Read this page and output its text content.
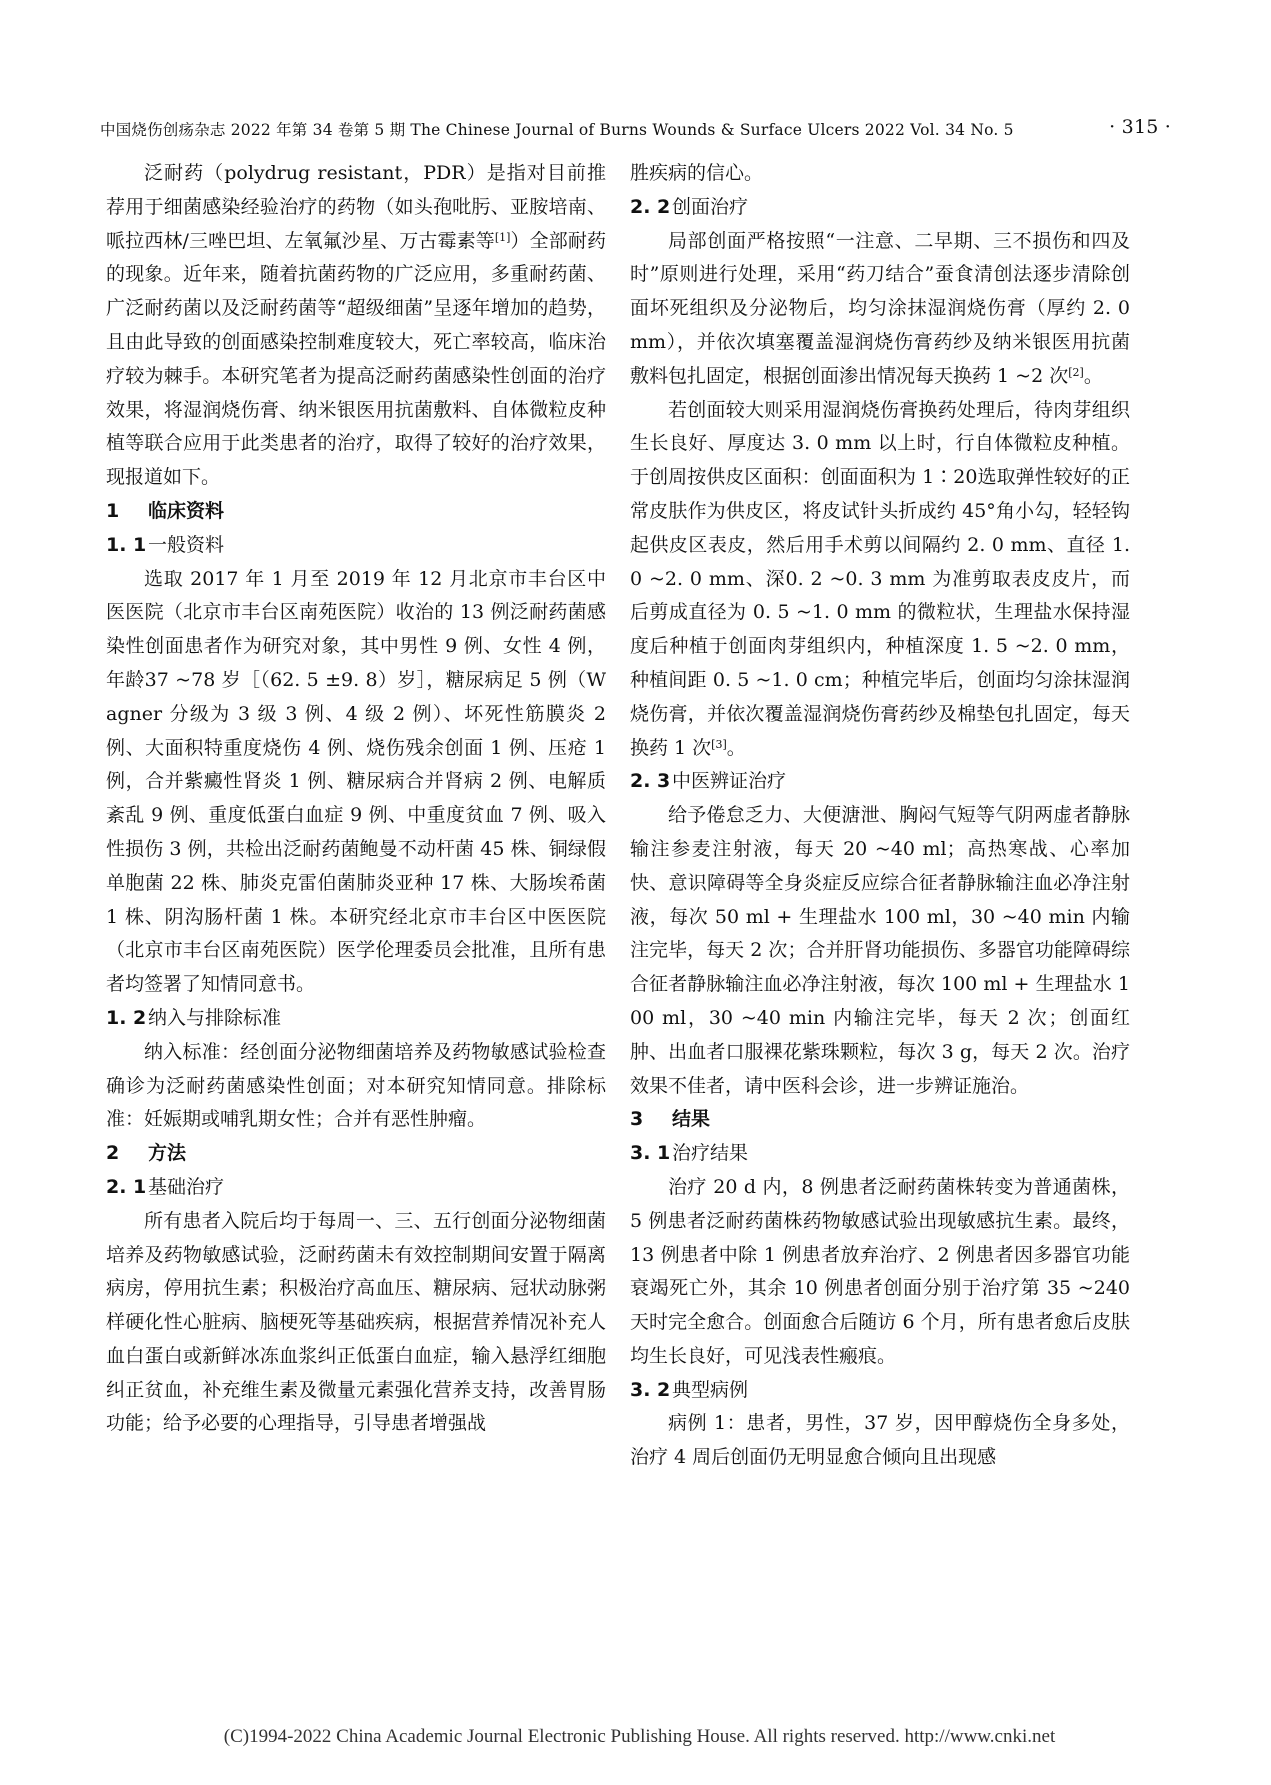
中国烧伤创疡杂志 2022 年第 34 卷第 5 期 The Chinese Journal of Burns Wounds & Surface Ulcers 2022 Vol. 34 No. 5	· 315 ·

泛耐药（polydrug resistant，PDR）是指对目前推荐用于细菌感染经验治疗的药物（如头孢吡肟、亚胺培南、哌拉西林/三唑巴坦、左氧氟沙星、万古霉素等[1]）全部耐药的现象。近年来，随着抗菌药物的广泛应用，多重耐药菌、广泛耐药菌以及泛耐药菌等“超级细菌”呈逐年增加的趋势，且由此导致的创面感染控制难度较大，死亡率较高，临床治疗较为棘手。本研究笔者为提高泛耐药菌感染性创面的治疗效果，将湿润烧伤膏、纳米银医用抗菌敷料、自体微粒皮种植等联合应用于此类患者的治疗，取得了较好的治疗效果，现报道如下。

1 临床资料
1. 1一般资料

选取 2017 年 1 月至 2019 年 12 月北京市丰台区中医医院（北京市丰台区南苑医院）收治的 13 例泛耐药菌感染性创面患者作为研究对象，其中男性 9 例、女性 4 例，年龄37 ~78 岁［（62. 5 ±9. 8）岁］，糖尿病足 5 例（Wagner 分级为 3 级 3 例、4 级 2 例）、坏死性筋膜炎 2 例、大面积特重度烧伤 4 例、烧伤残余创面 1 例、压疮 1 例，合并紫癜性肾炎 1 例、糖尿病合并肾病 2 例、电解质紊乱 9 例、重度低蛋白血症 9 例、中重度贫血 7 例、吸入性损伤 3 例，共检出泛耐药菌鲍曼不动杆菌 45 株、铜绿假单胞菌 22 株、肺炎克雷伯菌肺炎亚种 17 株、大肠埃希菌 1 株、阴沟肠杆菌 1 株。本研究经北京市丰台区中医医院（北京市丰台区南苑医院）医学伦理委员会批准，且所有患者均签署了知情同意书。

1. 2纳入与排除标准

纳入标准：经创面分泌物细菌培养及药物敏感试验检查确诊为泛耐药菌感染性创面；对本研究知情同意。排除标准：妊娠期或哺乳期女性；合并有恶性肿瘤。

2 方法
2. 1基础治疗

所有患者入院后均于每周一、三、五行创面分泌物细菌培养及药物敏感试验，泛耐药菌未有效控制期间安置于隔离病房，停用抗生素；积极治疗高血压、糖尿病、冠状动脉粥样硬化性心脏病、脑梗死等基础疾病，根据营养情况补充人血白蛋白或新鲜冰冻血浆纠正低蛋白血症，输入悬浮红细胞纠正贫血，补充维生素及微量元素强化营养支持，改善胃肠功能；给予必要的心理指导，引导患者增强战

胜疾病的信心。

2. 2创面治疗

局部创面严格按照“一注意、二早期、三不损伤和四及时”原则进行处理，采用“药刀结合”蚕食清创法逐步清除创面坏死组织及分泌物后，均匀涂抹湿润烧伤膏（厚约 2. 0 mm），并依次填塞覆盖湿润烧伤膏药纱及纳米银医用抗菌敷料包扎固定，根据创面渗出情况每天换药 1 ~2 次[2]。

若创面较大则采用湿润烧伤膏换药处理后，待肉芽组织生长良好、厚度达 3. 0 mm 以上时，行自体微粒皮种植。于创周按供皮区面积：创面面积为 1∶20选取弹性较好的正常皮肤作为供皮区，将皮试针头折成约 45°角小勾，轻轻钩起供皮区表皮，然后用手术剪以间隔约 2. 0 mm、直径 1. 0 ~2. 0 mm、深0. 2 ~0. 3 mm 为准剪取表皮皮片，而后剪成直径为 0. 5 ~1. 0 mm 的微粒状，生理盐水保持湿度后种植于创面肉芽组织内，种植深度 1. 5 ~2. 0 mm，种植间距 0. 5 ~1. 0 cm；种植完毕后，创面均匀涂抹湿润烧伤膏，并依次覆盖湿润烧伤膏药纱及棉垫包扎固定，每天换药 1 次[3]。

2. 3中医辨证治疗

给予倦怠乏力、大便溏泄、胸闷气短等气阴两虚者静脉输注参麦注射液，每天 20 ~40 ml；高热寒战、心率加快、意识障碍等全身炎症反应综合征者静脉输注血必净注射液，每次 50 ml + 生理盐水 100 ml，30 ~40 min 内输注完毕，每天 2 次；合并肝肾功能损伤、多器官功能障碍综合征者静脉输注血必净注射液，每次 100 ml + 生理盐水 100 ml，30 ~40 min 内输注完毕，每天 2 次；创面红肿、出血者口服裸花紫珠颗粒，每次 3 g，每天 2 次。治疗效果不佳者，请中医科会诊，进一步辨证施治。

3 结果
3. 1治疗结果

治疗 20 d 内，8 例患者泛耐药菌株转变为普通菌株，5 例患者泛耐药菌株药物敏感试验出现敏感抗生素。最终，13 例患者中除 1 例患者放弃治疗、2 例患者因多器官功能衰竭死亡外，其余 10 例患者创面分别于治疗第 35 ~240 天时完全愈合。创面愈合后随访 6 个月，所有患者愈后皮肤均生长良好，可见浅表性瘢痕。

3. 2典型病例

病例 1：患者，男性，37 岁，因甲醇烧伤全身多处，治疗 4 周后创面仍无明显愈合倾向且出现感

(C)1994-2022 China Academic Journal Electronic Publishing House. All rights reserved. http://www.cnki.net
